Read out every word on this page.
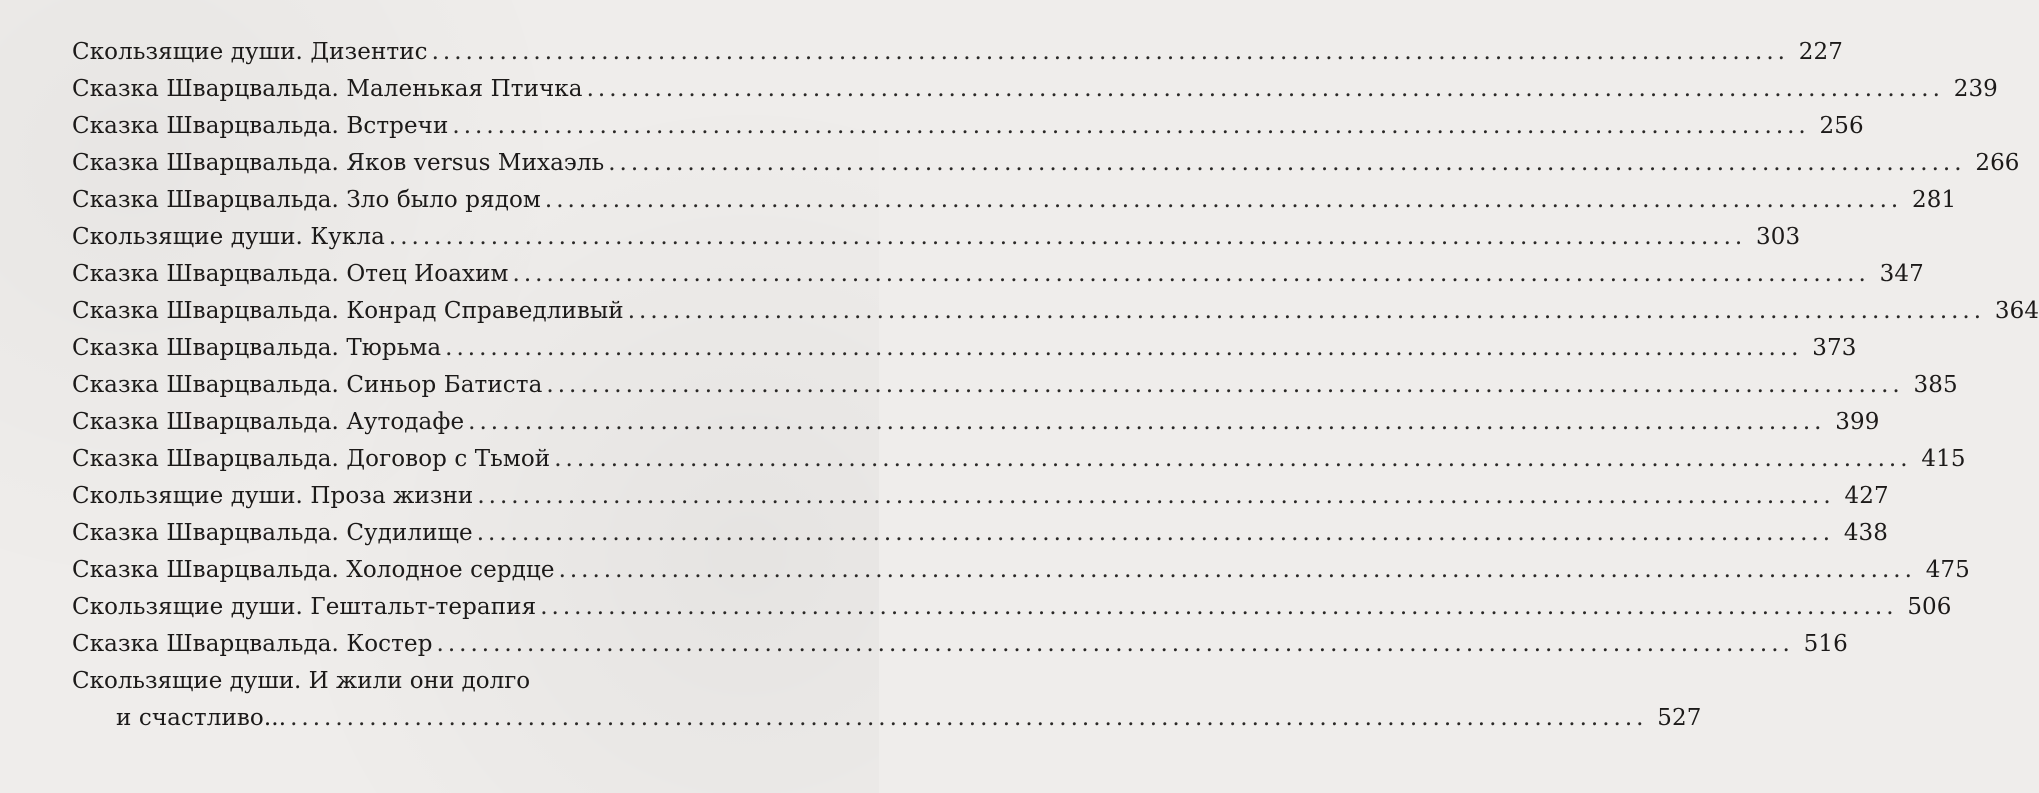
Скользящие души. Дизентис ........................................................................................................................ 227
Сказка Шварцвальда. Маленькая Птичка ........................................................................................................................ 239
Сказка Шварцвальда. Встречи ........................................................................................................................ 256
Сказка Шварцвальда. Яков versus Михаэль ........................................................................................................................ 266
Сказка Шварцвальда. Зло было рядом ........................................................................................................................ 281
Скользящие души. Кукла ........................................................................................................................ 303
Сказка Шварцвальда. Отец Иоахим ........................................................................................................................ 347
Сказка Шварцвальда. Конрад Справедливый ........................................................................................................................ 364
Сказка Шварцвальда. Тюрьма ........................................................................................................................ 373
Сказка Шварцвальда. Синьор Батиста ........................................................................................................................ 385
Сказка Шварцвальда. Аутодафе ........................................................................................................................ 399
Сказка Шварцвальда. Договор с Тьмой ........................................................................................................................ 415
Скользящие души. Проза жизни ........................................................................................................................ 427
Сказка Шварцвальда. Судилище ........................................................................................................................ 438
Сказка Шварцвальда. Холодное сердце ........................................................................................................................ 475
Скользящие души. Гештальт-терапия ........................................................................................................................ 506
Сказка Шварцвальда. Костер ........................................................................................................................ 516
Скользящие души. И жили они долго
и счастливо... ........................................................................................................................ 527
